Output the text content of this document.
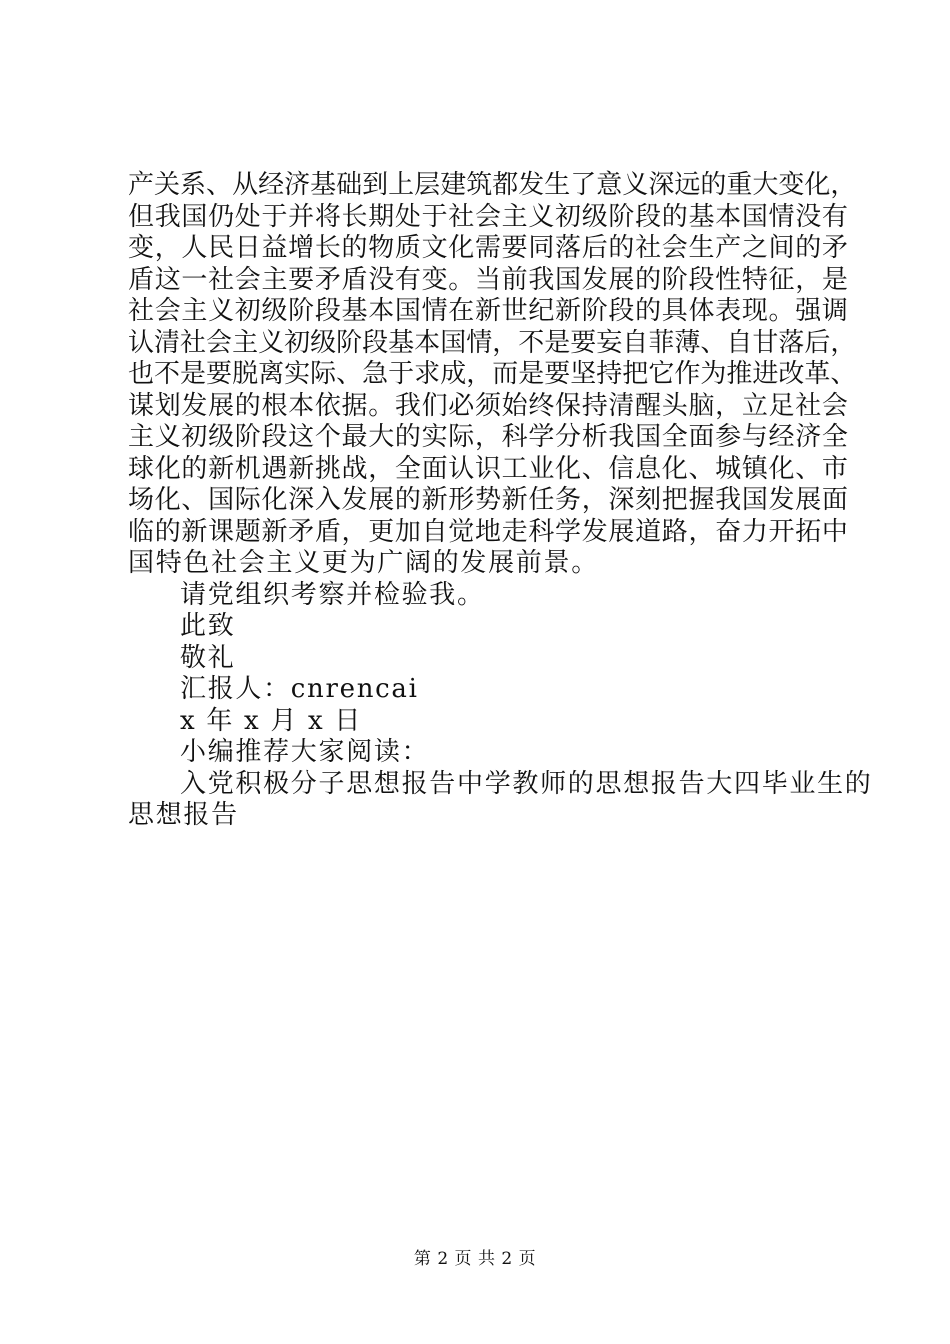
产 关 系 、 从 经 济 基 础 到 上 层 建 筑 都 发 生 了 意 义 深 远 的 重 大 变 化 ，
但 我 国 仍 处 于 并 将 长 期 处 于 社 会 主 义 初 级 阶 段 的 基 本 国 情 没 有
变 ， 人 民 日 益 增 长 的 物 质 文 化 需 要 同 落 后 的 社 会 生 产 之 间 的 矛
盾 这 一 社 会 主 要 矛 盾 没 有 变 。 当 前 我 国 发 展 的 阶 段 性 特 征 ， 是
社 会 主 义 初 级 阶 段 基 本 国 情 在 新 世 纪 新 阶 段 的 具 体 表 现 。 强 调
认 清 社 会 主 义 初 级 阶 段 基 本 国 情 ， 不 是 要 妄 自 菲 薄 、 自 甘 落 后 ，
也 不 是 要 脱 离 实 际 、 急 于 求 成 ， 而 是 要 坚 持 把 它 作 为 推 进 改 革 、
谋 划 发 展 的 根 本 依 据 。 我 们 必 须 始 终 保 持 清 醒 头 脑 ， 立 足 社 会
主 义 初 级 阶 段 这 个 最 大 的 实 际 ， 科 学 分 析 我 国 全 面 参 与 经 济 全
球 化 的 新 机 遇 新 挑 战 ， 全 面 认 识 工 业 化 、 信 息 化 、 城 镇 化 、 市
场 化 、 国 际 化 深 入 发 展 的 新 形 势 新 任 务 ， 深 刻 把 握 我 国 发 展 面
临 的 新 课 题 新 矛 盾 ， 更 加 自 觉 地 走 科 学 发 展 道 路 ， 奋 力 开 拓 中
国特色社会主义更为广阔的发展前景。
请党组织考察并检验我。
此致
敬礼
汇报人：cnrencai
x 年 x 月 x 日
小编推荐大家阅读：
入党积极分子思想报告中学教师的思想报告大四毕业生的
思想报告
第 2 页 共 2 页
